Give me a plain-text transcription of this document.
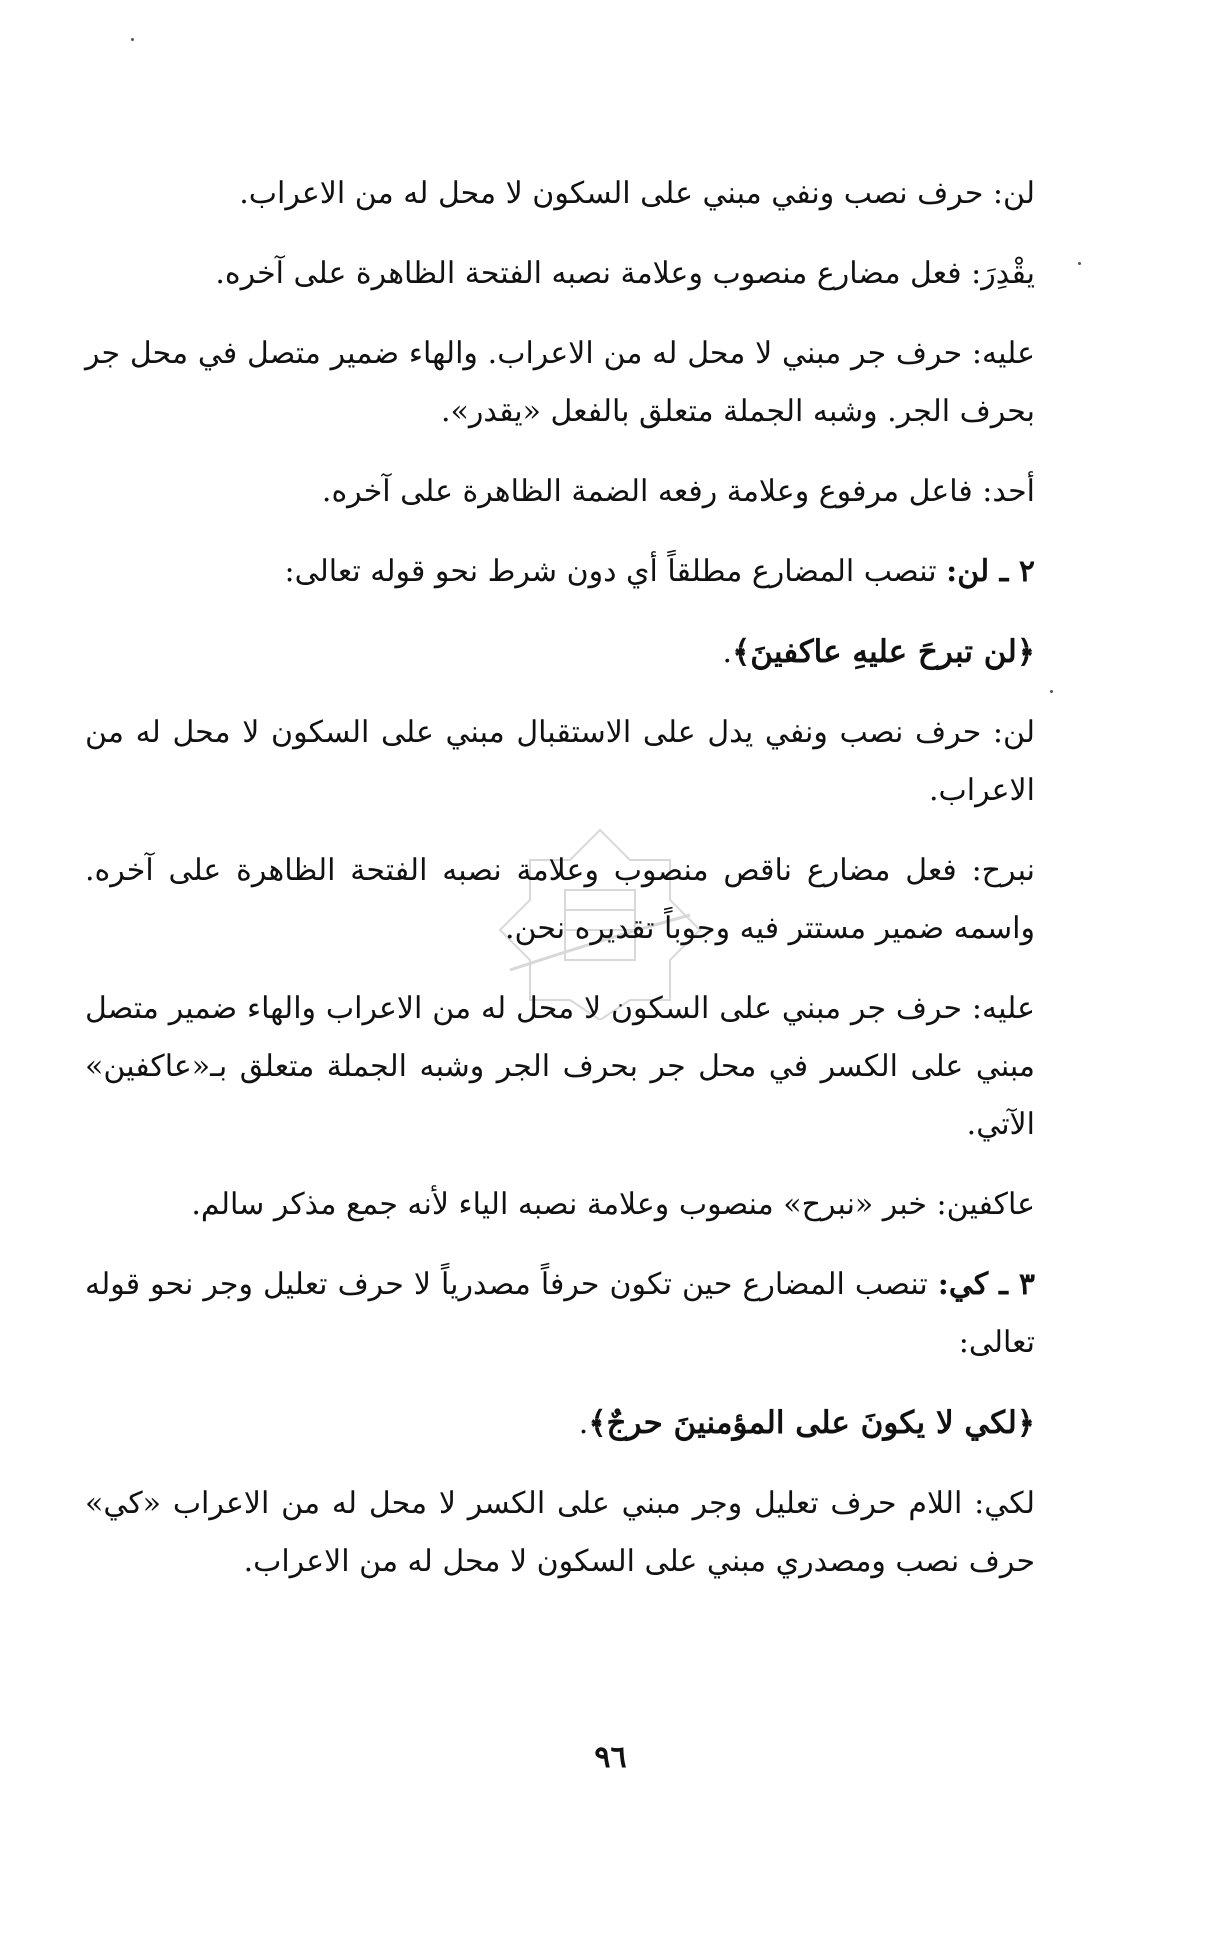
لن: حرف نصب ونفي مبني على السكون لا محل له من الاعراب.

يقْدِرَ: فعل مضارع منصوب وعلامة نصبه الفتحة الظاهرة على آخره.

عليه: حرف جر مبني لا محل له من الاعراب. والهاء ضمير متصل في محل جر بحرف الجر. وشبه الجملة متعلق بالفعل «يقدر».

أحد: فاعل مرفوع وعلامة رفعه الضمة الظاهرة على آخره.

٢ ـ لن: تنصب المضارع مطلقاً أي دون شرط نحو قوله تعالى:

﴿لن تبرحَ عليهِ عاكفينَ﴾.

لن: حرف نصب ونفي يدل على الاستقبال مبني على السكون لا محل له من الاعراب.

نبرح: فعل مضارع ناقص منصوب وعلامة نصبه الفتحة الظاهرة على آخره. واسمه ضمير مستتر فيه وجوباً تقديره نحن.

عليه: حرف جر مبني على السكون لا محل له من الاعراب والهاء ضمير متصل مبني على الكسر في محل جر بحرف الجر وشبه الجملة متعلق بـ«عاكفين» الآتي.

عاكفين: خبر «نبرح» منصوب وعلامة نصبه الياء لأنه جمع مذكر سالم.

٣ ـ كي: تنصب المضارع حين تكون حرفاً مصدرياً لا حرف تعليل وجر نحو قوله تعالى:

﴿لكي لا يكونَ على المؤمنينَ حرجٌ﴾.

لكي: اللام حرف تعليل وجر مبني على الكسر لا محل له من الاعراب «كي» حرف نصب ومصدري مبني على السكون لا محل له من الاعراب.

٩٦
